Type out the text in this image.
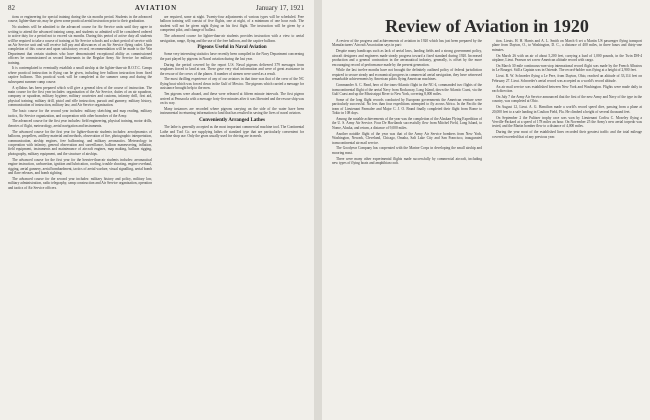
82	AVIATION	January 17, 1921

tions or engineering for special training during the six months period. Students in the advanced course, lighter-than-air, may be given some practical aerial instruction prior to their graduation.

No students will be admitted to the advanced course for Air Service units until they agree in writing to attend the advanced training camp, and students so admitted will be considered ordered to active duty for a period not to exceed six months. During this period of active duty all students will be required to take a course of training at Air Service schools and a short period of service with an Air Service unit and will receive full pay and allowances of an Air Service flying cadet. Upon completion of this course and upon satisfactory record, recommendation will be made to the War Department that certain students who have demonstrated exceptional ability as commissioned officers be commissioned as second lieutenants in the Regular Army Air Service for military training.

It is contemplated to eventually establish a small airship at the lighter-than-air R.O.T.C. Camps where practical instruction in flying can be given, including free balloon instruction from fixed captive balloons. This practical work will be completed at the summer camp and during the subsequent summer camp course.

A syllabus has been prepared which will give a general idea of the course of instruction. The main course for the first year includes: organization of the Air Service, duties of an air squadron, company or squadron, military hygiene, military courtesies and customs, infantry drill, first aid, physical training, military drill, pistol and rifle instruction, pursuit and gunnery, military history, communication of instruction, military law, and Air Service organization.

The basic course for the second year includes: military sketching and map reading, military tactics, Air Service organization, and cooperation with other branches of the Army.

The advanced course for the first year includes: field engineering, physical training, motor drills, theories of flight, meteorology, aerial navigation and instruments.

The advanced course for the first year for lighter-than-air students includes: aerodynamics of balloons, propellers, artillery material and methods, observation of fire, photographic interpretation, communication, airship engines, free ballooning, and military aeronautics. Meteorology in cooperation with infantry, general observation and surveillance, balloon maneuvering, inflation, field equipment, instruments and maintenance of aircraft engines, map making, balloon rigging, photography, military equipment, and the structure of airships.

The advanced course for the first year for the heavier-than-air students includes: aeronautical engine instruction, carburetion, ignition and lubrication, cooling, trouble shooting, engine overhaul, rigging, aerial gunnery, aerial bombardment, tactics of aerial warfare, visual signalling, aerial bomb and flare releases, and bomb sighting.

The advanced course for the second year includes: military history and policy, military law, military administration, radio telegraphy, camp construction and Air Service organization, operation and tactics of Air Service officers.

are required, some at night. Twenty-four adjustments of various types will be scheduled. Free balloon training will consist of five flights, one at night, of a minimum of one hour each. The student will not be given night flying on his first flight. The instruction will be given by a competent pilot, and change of ballast.

The advanced course for lighter-than-air students provides instruction with a view to aerial navigation, range, flying and the use of the free balloon, and the captive balloon.

Pigeons Useful in Naval Aviation

Some very interesting statistics have recently been compiled in the Navy Department concerning the part played by pigeons in Naval aviation during the last year.

During the period covered by the report U.S. Naval pigeons delivered 379 messages from seaplanes forced to land at sea. These gave very vital information and were of great assistance in the rescue of the crews of the planes. A number of airmen were saved as a result.

The most thrilling experience of any of our aviators in that time was that of the crew of the NC flying boat which was forced down in the Gulf of Mexico. The pigeons which carried a message for assistance brought help to the men.

Ten pigeons were aboard, and these were released at fifteen minute intervals. The first pigeon arrived at Pensacola with a message forty-five minutes after it was liberated and the rescue ship was on its way.

Many instances are recorded where pigeons carrying on the side of the water have been instrumental in returning information to land that has resulted in saving the lives of naval aviators.

Conveniently Arranged Lathes

The lathe is generally accepted as the most important commercial machine tool. The Continental Lathe and Tool Co. are supplying lathes of standard type that are particularly convenient for machine shop use. Only the gears usually used for driving are in mesh.

Review of Aviation in 1920

A review of the progress and achievements of aviation in 1920 which has just been prepared by the Manufacturers' Aircraft Association says in part:

Despite many handicaps such as lack of aerial laws, landing fields and a strong government policy, aircraft designers and engineers made steady progress toward a fixed standard during 1920. Increased production and a general contraction in the aeronautical industry, generally, is offset by the more encouraging record of performance made by the present generation.

While the last twelve months have not brought the definitely outlined policy of federal jurisdiction required to secure steady and economical progress in commercial aerial navigation, they have witnessed remarkable achievements by American pilots flying American machines.

Commander A. C. Read, hero of the trans-Atlantic flight in the NC-4, commanded two flights of the transcontinental flight of the aerial Navy from Rockaway, Long Island, down the Atlantic Coast, via the Gulf Coast and up the Mississippi River to New York, covering 8,000 miles.

Some of the long flight records conducted by European governments the American venture were particularly successful. No less than four expeditions attempted to fly across Africa. In the Pacific the team of Lieutenant Parmalee and Major C. J. O. Brand finally completed their flight from Rome to Tokio in 108 days.

Among the notable achievements of the year was the completion of the Alaskan Flying Expedition of the U. S. Army Air Service. Four De Havilands successfully flew from Mitchel Field, Long Island, to Nome, Alaska, and return, a distance of 9,000 miles.

Another notable flight of the year was that of the Army Air Service bombers from New York, Washington, Newark, Cleveland, Chicago, Omaha, Salt Lake City and San Francisco, inaugurated transcontinental air mail service.

The Goodyear Company has cooperated with the Marine Corps in developing the small airship and mooring mast.

There were many other experimental flights made successfully by commercial aircraft, including new types of flying boats and amphibian craft.

tion. Lieuts. H. H. Harris and A. L. Smith on March 6 set a Martin US passenger flying transport plane from Dayton, O., to Washington, D. C., a distance of 400 miles, in three hours and thirty-one minutes.

On March 26 with an air of about 5,200 feet, carrying a load of 1,000 pounds, in the Twin DH-4 airplane, Lieut. Pearson set a new American altitude record with cargo.

On March 30 mile continuous-non-stop international record flight was made by the French Albatros in Le Bourget. Still a Captain was in Ostende. The record-holder was flying at a height of 2,900 feet.

Lieut. R. W. Schroeder flying a Le Pere, from Dayton, Ohio, reached an altitude of 33,114 feet on February 27. Lieut. Schroeder's aerial record was accepted as a world's record altitude.

An air mail service was established between New York and Washington. Flights were made daily in each direction.

On July 7 the Army Air Service announced that the first of the new Army and Navy of the type in the country, was completed at Ohio.

On August 12, Lieut. A. G. Hamilton made a world's record speed dive, passing from a plane at 20,000 feet to a safe landing in Coulton Field, Fla. He climbed a height of several thousand feet.

On September 2 the Pulitzer trophy race was won by Lieutenant Corliss C. Moseley flying a Verville-Packard at a speed of 178 miles an hour. On November 25 the Army's new aerial torpedo was tested, and the Martin bomber flew to a distance of 4,000 miles.

During the year most of the established lines recorded their greatest traffic and the total mileage covered exceeded that of any previous year.
